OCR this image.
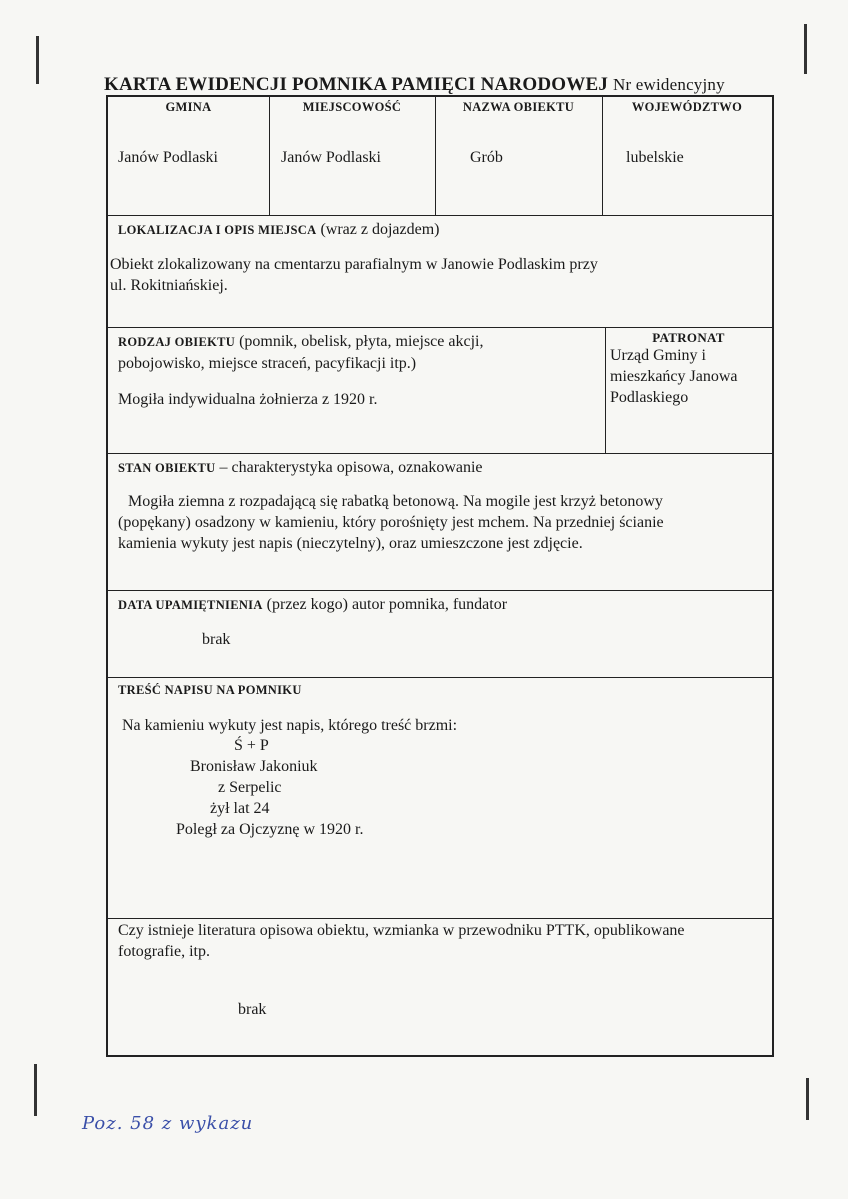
KARTA EWIDENCJI POMNIKA PAMIĘCI NARODOWEJ Nr ewidencyjny
GMINA
Janów Podlaski
MIEJSCOWOŚĆ
Janów Podlaski
NAZWA OBIEKTU
Grób
WOJEWÓDZTWO
lubelskie
LOKALIZACJA I OPIS MIEJSCA (wraz z dojazdem)
Obiekt zlokalizowany na cmentarzu parafialnym w Janowie Podlaskim przy
ul. Rokitniańskiej.
RODZAJ OBIEKTU (pomnik, obelisk, płyta, miejsce akcji,
pobojowisko, miejsce straceń, pacyfikacji itp.)
Mogiła indywidualna żołnierza z 1920 r.
PATRONAT
Urząd Gminy i
mieszkańcy Janowa
Podlaskiego
STAN OBIEKTU – charakterystyka opisowa, oznakowanie
Mogiła ziemna z rozpadającą się rabatką betonową. Na mogile jest krzyż betonowy
(popękany) osadzony w kamieniu, który porośnięty jest mchem. Na przedniej ścianie
kamienia wykuty jest napis (nieczytelny), oraz umieszczone jest zdjęcie.
DATA UPAMIĘTNIENIA (przez kogo) autor pomnika, fundator
brak
TREŚĆ NAPISU NA POMNIKU
Na kamieniu wykuty jest napis, którego treść brzmi:
Ś + P
Bronisław Jakoniuk
z Serpelic
żył lat 24
Poległ za Ojczyznę w 1920 r.
Czy istnieje literatura opisowa obiektu, wzmianka w przewodniku PTTK, opublikowane
fotografie, itp.
brak
Poz. 58 z wykazu
